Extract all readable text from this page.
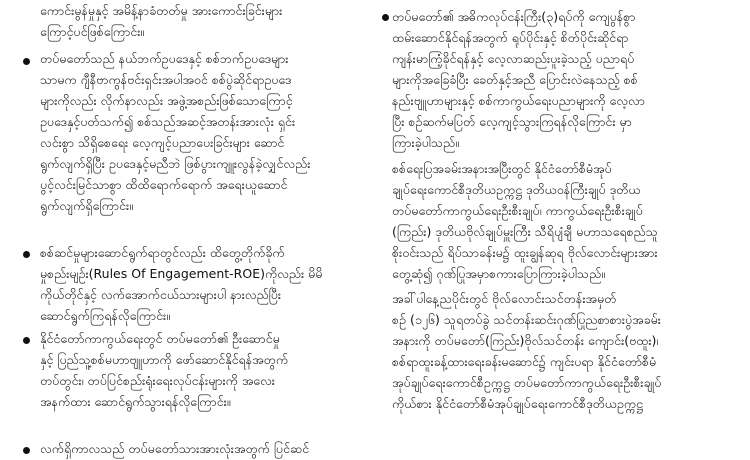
ကောင်းမွန်မှုနှင့် အမိန့်နာခံတတ်မှု အားကောင်းခြင်းများ
ကြောင့်ပင်ဖြစ်ကြောင်း။
တပ်မတော်သည် နယ်ဘက်ဥပဒေနှင့် စစ်ဘက်ဥပဒေများ
သာမက ဂျီနီဗာကွန်ဗင်းရှင်းအပါအဝင် စစ်ပွဲဆိုင်ရာဥပဒေ
များကိုလည်း လိုက်နာလည်း အဖွဲ့အစည်းဖြစ်သောကြောင့်
ဥပဒေနှင့်ပတ်သက်၍ စစ်သည်အဆင့်အတန်းအားလုံး ရှင်း
လင်းစွာ သိရှိစေရေး လေ့ကျင့်ပညာပေးခြင်းများ ဆောင်
ရွက်လျက်ရှိပြီး ဥပဒေနှင့်မညီဘဲ ဖြစ်ပွားကျူးလွန်ခဲ့လျှင်လည်း
ပွင့်လင်းမြင်သာစွာ ထိထိရောက်ရောက် အရေးယူဆောင်
ရွက်လျက်ရှိကြောင်း။
စစ်ဆင်မှုများဆောင်ရွက်ရာတွင်လည်း ထိတွေ့တိုက်ခိုက်
မှုစည်းမျဉ်း(Rules Of Engagement-ROE)ကိုလည်း မိမိ
ကိုယ်တိုင်နှင့် လက်အောက်ငယ်သားများပါ နားလည်ပြီး
ဆောင်ရွက်ကြရန်လိုကြောင်း။
နိုင်ငံတော်ကာကွယ်ရေးတွင် တပ်မတော်၏ ဦးဆောင်မှု
နှင့် ပြည်သူ့စစ်မဟာဗျူဟာကို ဖော်ဆောင်နိုင်ရန်အတွက်
တပ်တွင်း၊ တပ်ပြင်စည်းရုံးရေးလုပ်ငန်းများကို အလေး
အနက်ထား ဆောင်ရွက်သွားရန်လိုကြောင်း။
လက်ရှိကာလသည် တပ်မတော်သားအားလုံးအတွက် ပြင်ဆင်
တပ်မတော်၏ အဓိကလုပ်ငန်းကြီး(၃)ရပ်ကို ကျေပွန်စွာ
ထမ်းဆောင်နိုင်ရန်အတွက် ရုပ်ပိုင်းနှင့် စိတ်ပိုင်းဆိုင်ရာ
ကျန်းမာကြံ့ခိုင်ရန်နှင့် လေ့လာဆည်းပူးခဲ့သည့် ပညာရပ်
များကိုအခြေခံပြီး ခေတ်နှင့်အညီ ပြောင်းလဲနေသည့် စစ်
နည်းဗျူဟာများနှင့် စစ်ကာကွယ်ရေးပညာများကို လေ့လာ
ပြီး စဉ်ဆက်မပြတ် လေ့ကျင့်သွားကြရန်လိုကြောင်း မှာ
ကြားခဲ့ပါသည်။
စစ်ရေးပြအခမ်းအနားအပြီးတွင် နိုင်ငံတော်စီမံအုပ်
ချုပ်ရေးကောင်စီဒုတိယဥက္ကဋ္ဌ ဒုတိယဝန်ကြီးချုပ် ဒုတိယ
တပ်မတော်ကာကွယ်ရေးဦးစီးချုပ်၊ ကာကွယ်ရေးဦးစီးချုပ်
(ကြည်း) ဒုတိယဗိုလ်ချုပ်မှူးကြီး သီရိပျံချီ မဟာသရေစည်သူ
စိုးဝင်းသည် ရိပ်သာခန်းမ၌ ထူးချွန်ဆုရ ဗိုလ်လောင်းများအား
တွေ့ဆုံ၍ ဂုဏ်ပြုအမှာစကားပြောကြားခဲ့ပါသည်။
အခါ်ပါနေ့ညပိုင်းတွင် ဗိုလ်လောင်းသင်တန်းအမှတ်
စဉ် (၁၂၆) သူရတပ်ခွဲ သင်တန်းဆင်းဂုဏ်ပြုညစာစားပွဲအခမ်း
အနားကို တပ်မတော်(ကြည်း)ဗိုလ်သင်တန်း ကျောင်း(ဗထူး)၊
စစ်ရာထူးခန့်ထားရေးခန်းမဆောင်၌ ကျင်းပရာ နိုင်ငံတော်စီမံ
အုပ်ချုပ်ရေးကောင်စီဥက္ကဋ္ဌ တပ်မတော်ကာကွယ်ရေးဦးစီးချုပ်
ကိုယ်စား နိုင်ငံတော်စီမံအုပ်ချုပ်ရေးကောင်စီဒုတိယဥက္ကဋ္ဌ
